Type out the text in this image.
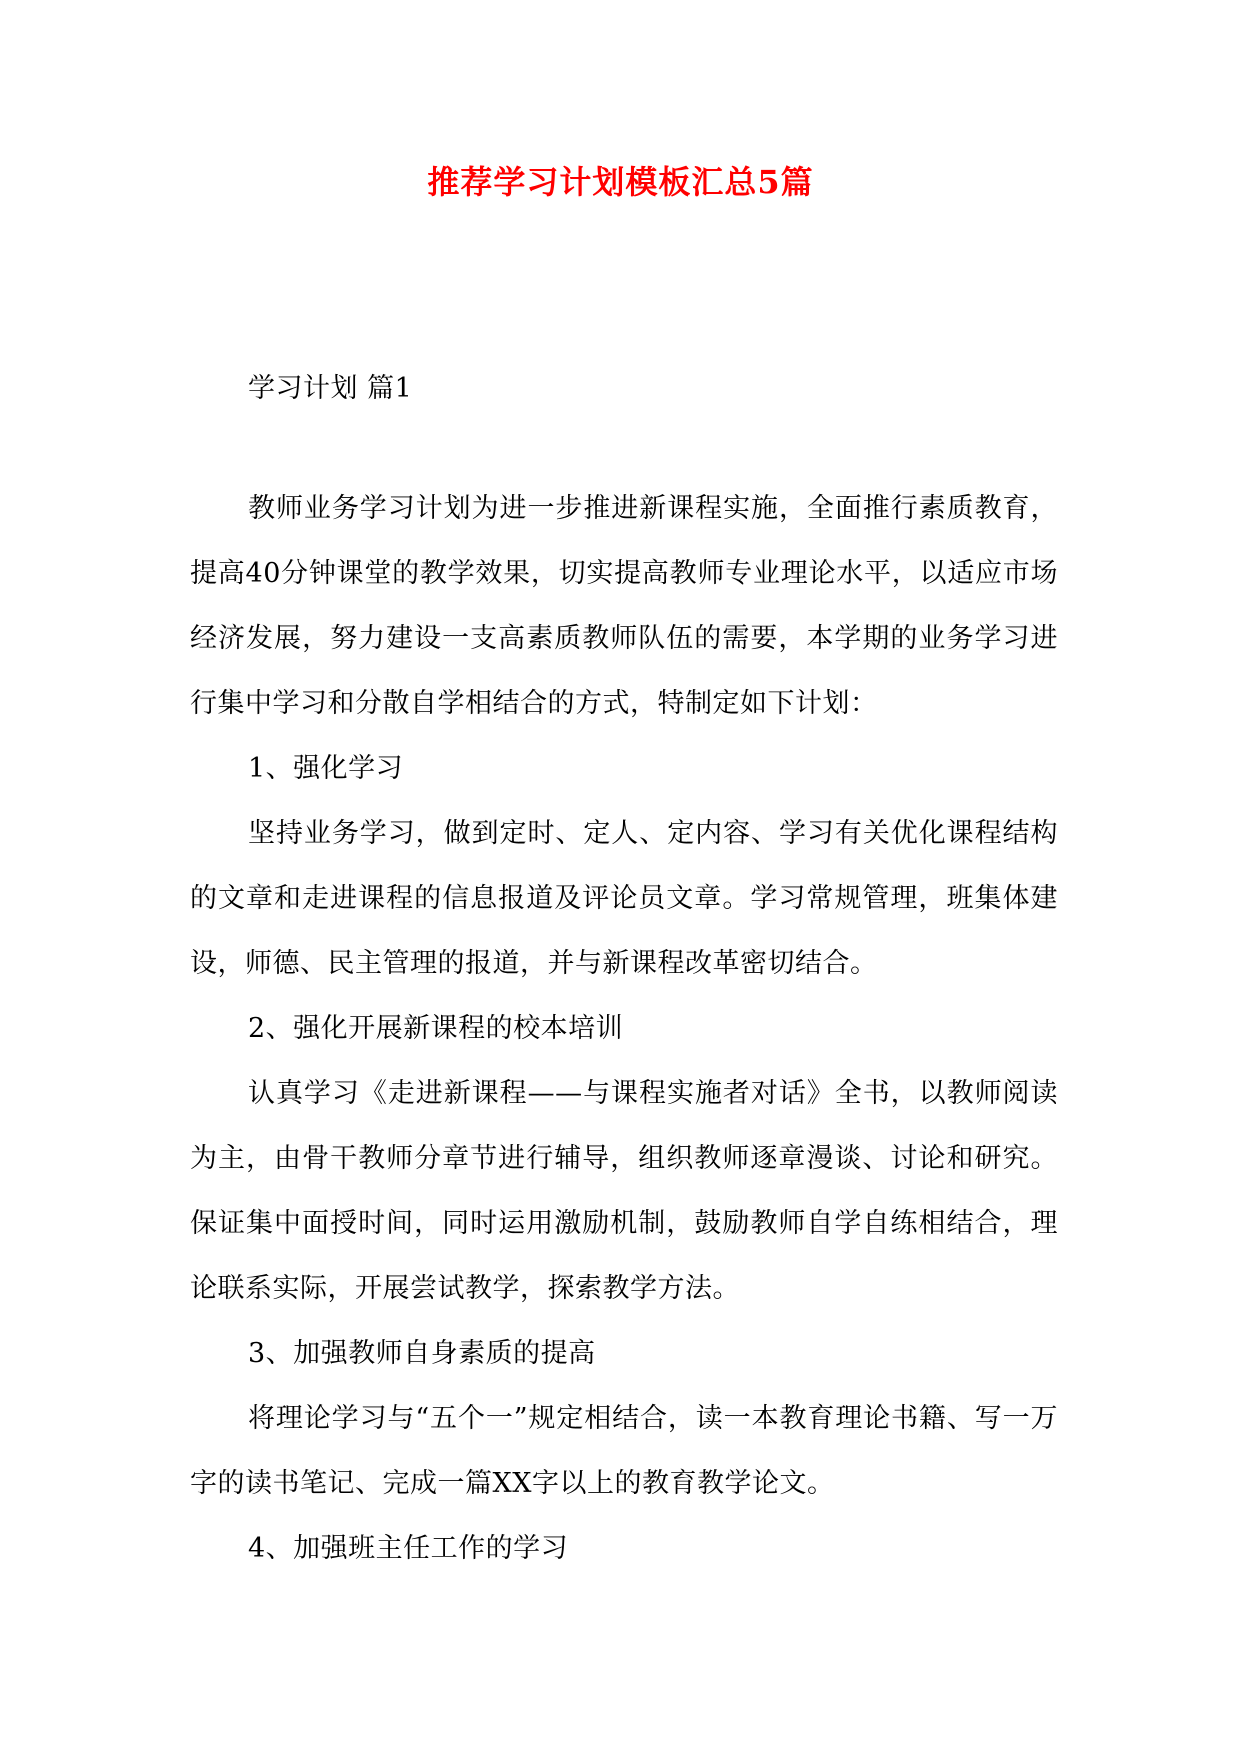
推荐学习计划模板汇总5篇

学习计划 篇1

教师业务学习计划为进一步推进新课程实施，全面推行素质教育，提高40分钟课堂的教学效果，切实提高教师专业理论水平，以适应市场经济发展，努力建设一支高素质教师队伍的需要，本学期的业务学习进行集中学习和分散自学相结合的方式，特制定如下计划：

1、强化学习

坚持业务学习，做到定时、定人、定内容、学习有关优化课程结构的文章和走进课程的信息报道及评论员文章。学习常规管理，班集体建设，师德、民主管理的报道，并与新课程改革密切结合。

2、强化开展新课程的校本培训

认真学习《走进新课程——与课程实施者对话》全书，以教师阅读为主，由骨干教师分章节进行辅导，组织教师逐章漫谈、讨论和研究。保证集中面授时间，同时运用激励机制，鼓励教师自学自练相结合，理论联系实际，开展尝试教学，探索教学方法。

3、加强教师自身素质的提高

将理论学习与“五个一”规定相结合，读一本教育理论书籍、写一万字的读书笔记、完成一篇XX字以上的教育教学论文。

4、加强班主任工作的学习
